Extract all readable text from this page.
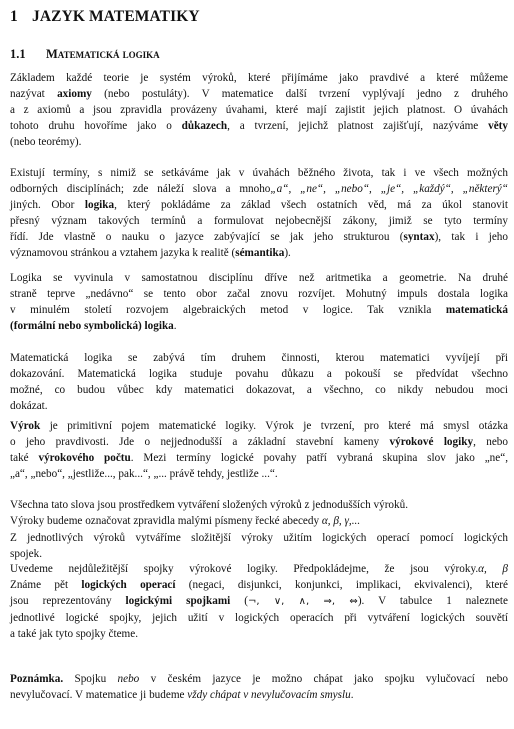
1 JAZYK MATEMATIKY
1.1 Matematická logika
Základem každé teorie je systém výroků, které přijímáme jako pravdivé a které můžeme
nazývat axiomy (nebo postuláty). V matematice další tvrzení vyplývají jedno z druhého
a z axiomů a jsou zpravidla provázeny úvahami, které mají zajistit jejich platnost. O úvahách
tohoto druhu hovoříme jako o důkazech, a tvrzení, jejichž platnost zajišťují, nazýváme věty
(nebo teorémy).
Existují termíny, s nimiž se setkáváme jak v úvahách běžného života, tak i ve všech možných
odborných disciplínách; zde náleží slova a mnoho„a“, „ne“, „nebo“, „je“, „každý“, „některý“
jiných. Obor logika, který pokládáme za základ všech ostatních věd, má za úkol stanovit
přesný význam takových termínů a formulovat nejobecnější zákony, jimiž se tyto termíny
řídí. Jde vlastně o nauku o jazyce zabývající se jak jeho strukturou (syntax), tak i jeho
významovou stránkou a vztahem jazyka k realitě (sémantika).
Logika se vyvinula v samostatnou disciplínu dříve než aritmetika a geometrie. Na druhé
straně teprve „nedávno“ se tento obor začal znovu rozvíjet. Mohutný impuls dostala logika
v minulém století rozvojem algebraických metod v logice. Tak vznikla matematická
(formální nebo symbolická) logika.
Matematická logika se zabývá tím druhem činnosti, kterou matematici vyvíjejí při
dokazování. Matematická logika studuje povahu důkazu a pokouší se předvídat všechno
možné, co budou vůbec kdy matematici dokazovat, a všechno, co nikdy nebudou moci
dokázat.
Výrok je primitivní pojem matematické logiky. Výrok je tvrzení, pro které má smysl otázka
o jeho pravdivosti. Jde o nejjednodušší a základní stavební kameny výrokové logiky, nebo
také výrokového počtu. Mezi termíny logické povahy patří vybraná skupina slov jako „ne“,
„a“, „nebo“, „jestliže..., pak...“, „... právě tehdy, jestliže ...“.
Všechna tato slova jsou prostředkem vytváření složených výroků z jednodušších výroků.
Výroky budeme označovat zpravidla malými písmeny řecké abecedy α, β, γ,...
Z jednotlivých výroků vytváříme složitější výroky užitím logických operací pomocí logických
spojek.
Uvedeme nejdůležitější spojky výrokové logiky. Předpokládejme, že jsou výroky.α, β
Známe pět logických operací (negaci, disjunkci, konjunkci, implikaci, ekvivalenci), které
jsou reprezentovány logickými spojkami (¬, ∨, ∧, ⇒, ⇔). V tabulce 1 naleznete
jednotlivé logické spojky, jejich užití v logických operacích při vytváření logických souvětí
a také jak tyto spojky čteme.
Poznámka. Spojku nebo v českém jazyce je možno chápat jako spojku vylučovací nebo
nevylučovací. V matematice ji budeme vždy chápat v nevylučovacím smyslu.
